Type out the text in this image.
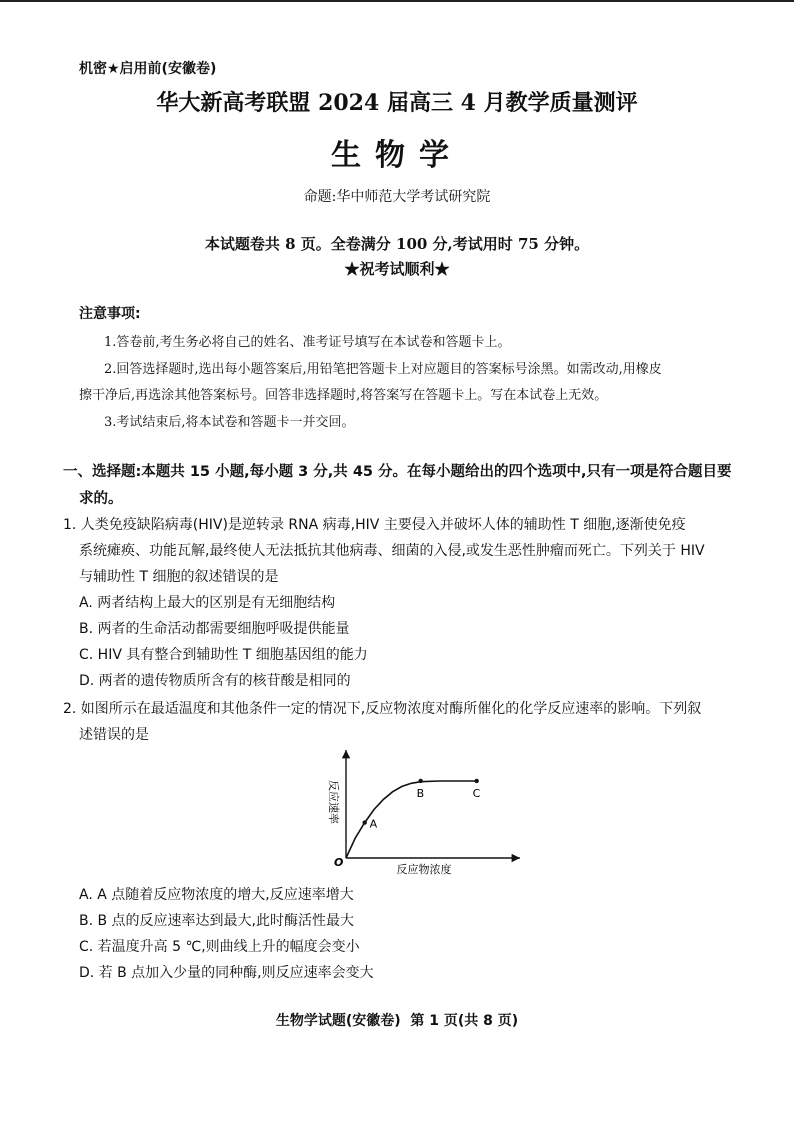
机密★启用前(安徽卷)
华大新高考联盟 2024 届高三 4 月教学质量测评
生物学
命题:华中师范大学考试研究院
本试题卷共 8 页。全卷满分 100 分,考试用时 75 分钟。
★祝考试顺利★
注意事项:
1.答卷前,考生务必将自己的姓名、准考证号填写在本试卷和答题卡上。
2.回答选择题时,选出每小题答案后,用铅笔把答题卡上对应题目的答案标号涂黑。如需改动,用橡皮
擦干净后,再选涂其他答案标号。回答非选择题时,将答案写在答题卡上。写在本试卷上无效。
3.考试结束后,将本试卷和答题卡一并交回。
一、选择题:本题共 15 小题,每小题 3 分,共 45 分。在每小题给出的四个选项中,只有一项是符合题目要
求的。
1. 人类免疫缺陷病毒(HIV)是逆转录 RNA 病毒,HIV 主要侵入并破坏人体的辅助性 T 细胞,逐渐使免疫
系统瘫痪、功能瓦解,最终使人无法抵抗其他病毒、细菌的入侵,或发生恶性肿瘤而死亡。下列关于 HIV
与辅助性 T 细胞的叙述错误的是
A. 两者结构上最大的区别是有无细胞结构
B. 两者的生命活动都需要细胞呼吸提供能量
C. HIV 具有整合到辅助性 T 细胞基因组的能力
D. 两者的遗传物质所含有的核苷酸是相同的
2. 如图所示在最适温度和其他条件一定的情况下,反应物浓度对酶所催化的化学反应速率的影响。下列叙
述错误的是
A
B	C
O
反应物浓度
反应速率
A. A 点随着反应物浓度的增大,反应速率增大
B. B 点的反应速率达到最大,此时酶活性最大
C. 若温度升高 5 ℃,则曲线上升的幅度会变小
D. 若 B 点加入少量的同种酶,则反应速率会变大
生物学试题(安徽卷)  第 1 页(共 8 页)
